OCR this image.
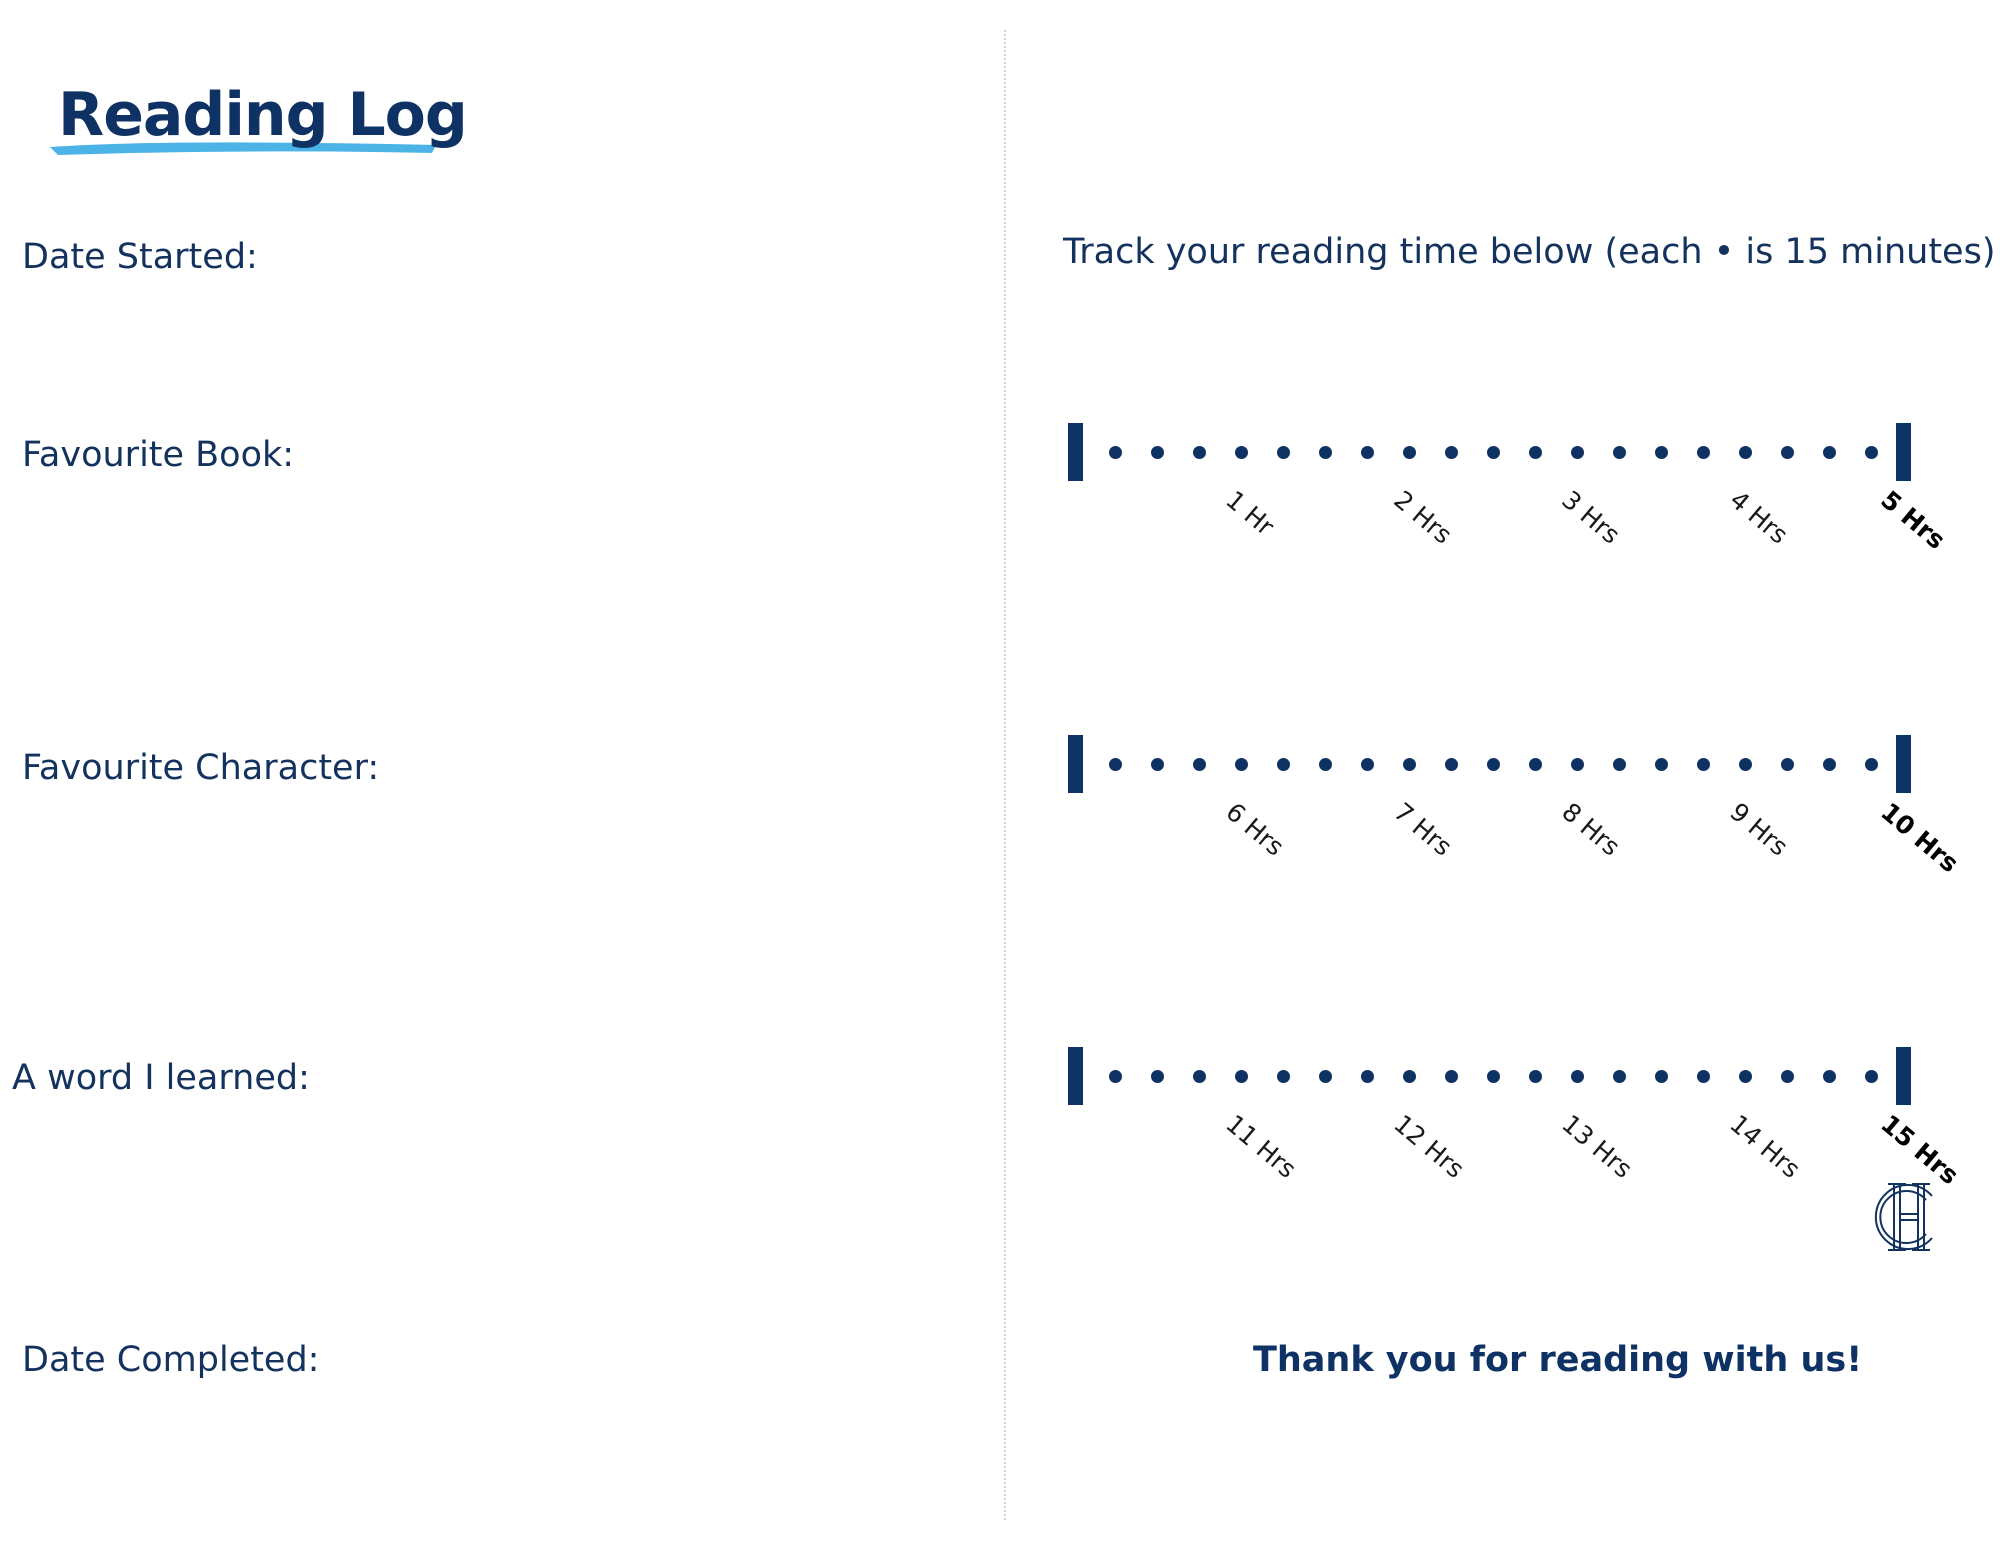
Reading Log
Date Started:
Favourite Book:
Favourite Character:
A word I learned:
Date Completed:
Track your reading time below (each • is 15 minutes)
1 Hr	2 Hrs	3 Hrs	4 Hrs	5 Hrs
6 Hrs	7 Hrs	8 Hrs	9 Hrs	10 Hrs
11 Hrs	12 Hrs	13 Hrs	14 Hrs	15 Hrs
Thank you for reading with us!
